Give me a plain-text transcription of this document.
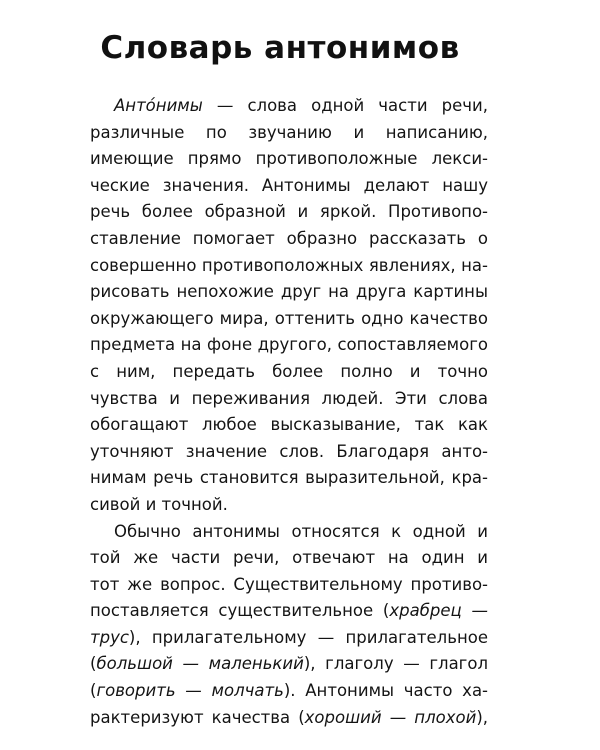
Словарь антонимов
Антóнимы — слова одной части речи,
различные по звучанию и написанию,
имеющие прямо противоположные лекси-
ческие значения. Антонимы делают нашу
речь более образной и яркой. Противопо-
ставление помогает образно рассказать о
совершенно противоположных явлениях, на-
рисовать непохожие друг на друга картины
окружающего мира, оттенить одно качество
предмета на фоне другого, сопоставляемого
с ним, передать более полно и точно
чувства и переживания людей. Эти слова
обогащают любое высказывание, так как
уточняют значение слов. Благодаря анто-
нимам речь становится выразительной, кра-
сивой и точной.
Обычно антонимы относятся к одной и
той же части речи, отвечают на один и
тот же вопрос. Существительному противо-
поставляется существительное (храбрец —
трус), прилагательному — прилагательное
(большой — маленький), глаголу — глагол
(говорить — молчать). Антонимы часто ха-
рактеризуют качества (хороший — плохой),
